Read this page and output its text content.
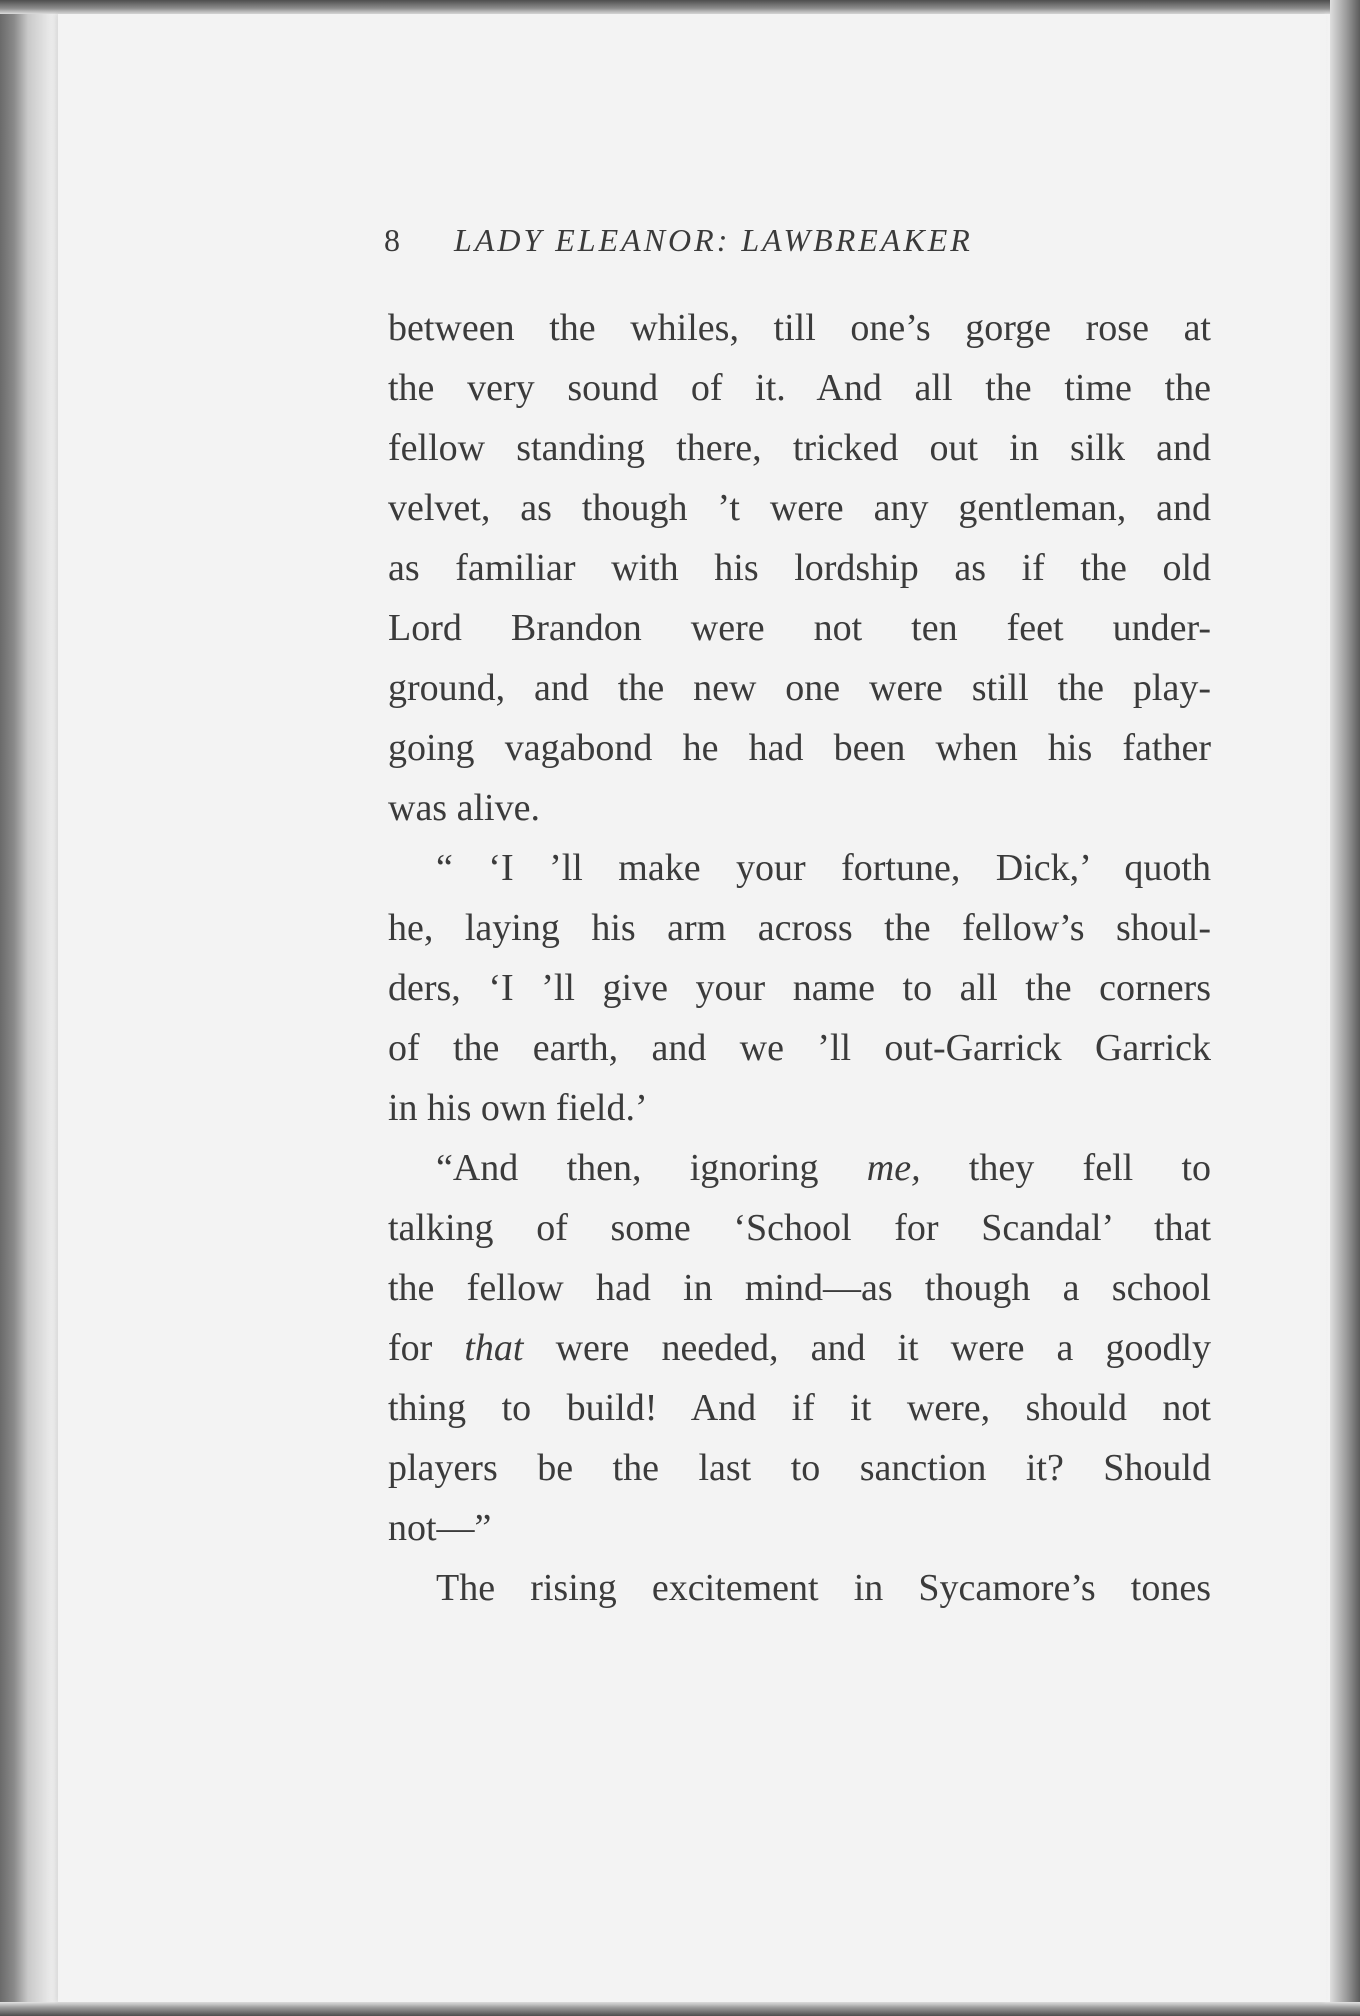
8 LADY ELEANOR: LAWBREAKER
between the whiles, till one’s gorge rose at
the very sound of it. And all the time the
fellow standing there, tricked out in silk and
velvet, as though ’t were any gentleman, and
as familiar with his lordship as if the old
Lord Brandon were not ten feet under-
ground, and the new one were still the play-
going vagabond he had been when his father
was alive.
“ ‘I ’ll make your fortune, Dick,’ quoth
he, laying his arm across the fellow’s shoul-
ders, ‘I ’ll give your name to all the corners
of the earth, and we ’ll out-Garrick Garrick
in his own field.’
“And then, ignoring me, they fell to
talking of some ‘School for Scandal’ that
the fellow had in mind—as though a school
for that were needed, and it were a goodly
thing to build! And if it were, should not
players be the last to sanction it? Should
not—”
The rising excitement in Sycamore’s tones
